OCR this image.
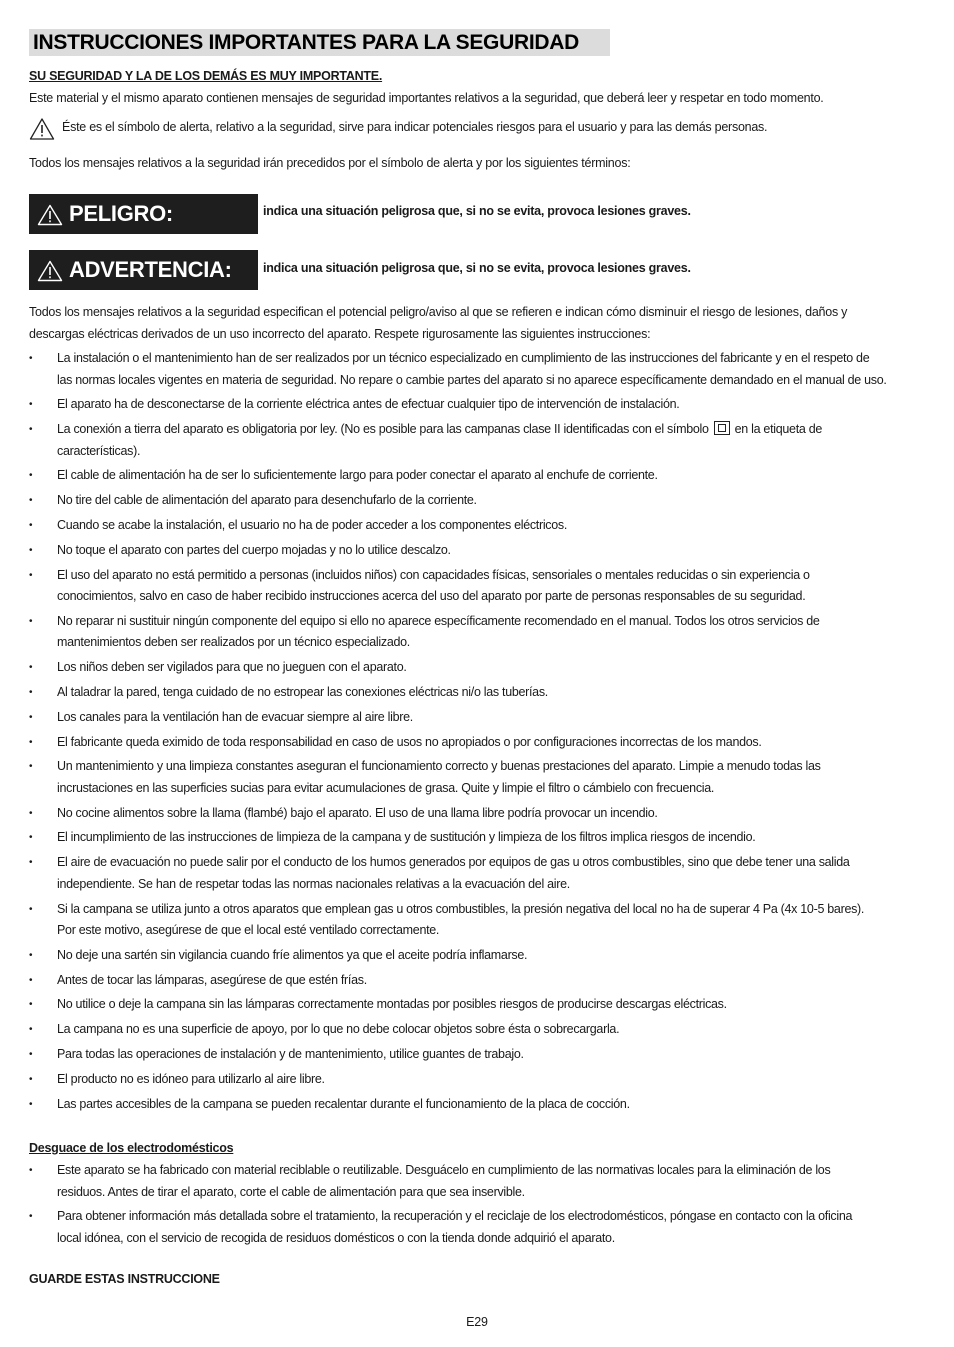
INSTRUCCIONES IMPORTANTES PARA LA SEGURIDAD
SU SEGURIDAD Y LA DE LOS DEMÁS ES MUY IMPORTANTE.
Este material y el mismo aparato contienen mensajes de seguridad importantes relativos a la seguridad, que deberá leer y respetar en todo momento.
Éste es el símbolo de alerta, relativo a la seguridad, sirve para indicar potenciales riesgos para el usuario y para las demás personas.
Todos los mensajes relativos a la seguridad irán precedidos por el símbolo de alerta y por los siguientes términos:
PELIGRO:	indica una situación peligrosa que, si no se evita, provoca lesiones graves.
ADVERTENCIA:	indica una situación peligrosa que, si no se evita, provoca lesiones graves.
Todos los mensajes relativos a la seguridad especifican el potencial peligro/aviso al que se refieren e indican cómo disminuir el riesgo de lesiones, daños y
descargas eléctricas derivados de un uso incorrecto del aparato. Respete rigurosamente las siguientes instrucciones:
• La instalación o el mantenimiento han de ser realizados por un técnico especializado en cumplimiento de las instrucciones del fabricante y en el respeto de
las normas locales vigentes en materia de seguridad. No repare o cambie partes del aparato si no aparece específicamente demandado en el manual de uso.
• El aparato ha de desconectarse de la corriente eléctrica antes de efectuar cualquier tipo de intervención de instalación.
• La conexión a tierra del aparato es obligatoria por ley. (No es posible para las campanas clase II identificadas con el símbolo en la etiqueta de
características).
• El cable de alimentación ha de ser lo suficientemente largo para poder conectar el aparato al enchufe de corriente.
• No tire del cable de alimentación del aparato para desenchufarlo de la corriente.
• Cuando se acabe la instalación, el usuario no ha de poder acceder a los componentes eléctricos.
• No toque el aparato con partes del cuerpo mojadas y no lo utilice descalzo.
• El uso del aparato no está permitido a personas (incluidos niños) con capacidades físicas, sensoriales o mentales reducidas o sin experiencia o
conocimientos, salvo en caso de haber recibido instrucciones acerca del uso del aparato por parte de personas responsables de su seguridad.
• No reparar ni sustituir ningún componente del equipo si ello no aparece específicamente recomendado en el manual. Todos los otros servicios de
mantenimientos deben ser realizados por un técnico especializado.
• Los niños deben ser vigilados para que no jueguen con el aparato.
• Al taladrar la pared, tenga cuidado de no estropear las conexiones eléctricas ni/o las tuberías.
• Los canales para la ventilación han de evacuar siempre al aire libre.
• El fabricante queda eximido de toda responsabilidad en caso de usos no apropiados o por configuraciones incorrectas de los mandos.
• Un mantenimiento y una limpieza constantes aseguran el funcionamiento correcto y buenas prestaciones del aparato. Limpie a menudo todas las
incrustaciones en las superficies sucias para evitar acumulaciones de grasa. Quite y limpie el filtro o cámbielo con frecuencia.
• No cocine alimentos sobre la llama (flambé) bajo el aparato. El uso de una llama libre podría provocar un incendio.
• El incumplimiento de las instrucciones de limpieza de la campana y de sustitución y limpieza de los filtros implica riesgos de incendio.
• El aire de evacuación no puede salir por el conducto de los humos generados por equipos de gas u otros combustibles, sino que debe tener una salida
independiente. Se han de respetar todas las normas nacionales relativas a la evacuación del aire.
• Si la campana se utiliza junto a otros aparatos que emplean gas u otros combustibles, la presión negativa del local no ha de superar 4 Pa (4x 10-5 bares).
Por este motivo, asegúrese de que el local esté ventilado correctamente.
• No deje una sartén sin vigilancia cuando fríe alimentos ya que el aceite podría inflamarse.
• Antes de tocar las lámparas, asegúrese de que estén frías.
• No utilice o deje la campana sin las lámparas correctamente montadas por posibles riesgos de producirse descargas eléctricas.
• La campana no es una superficie de apoyo, por lo que no debe colocar objetos sobre ésta o sobrecargarla.
• Para todas las operaciones de instalación y de mantenimiento, utilice guantes de trabajo.
• El producto no es idóneo para utilizarlo al aire libre.
• Las partes accesibles de la campana se pueden recalentar durante el funcionamiento de la placa de cocción.
Desguace de los electrodomésticos
• Este aparato se ha fabricado con material reciblable o reutilizable. Desguácelo en cumplimiento de las normativas locales para la eliminación de los
residuos. Antes de tirar el aparato, corte el cable de alimentación para que sea inservible.
• Para obtener información más detallada sobre el tratamiento, la recuperación y el reciclaje de los electrodomésticos, póngase en contacto con la oficina
local idónea, con el servicio de recogida de residuos domésticos o con la tienda donde adquirió el aparato.
GUARDE ESTAS INSTRUCCIONE
E29
